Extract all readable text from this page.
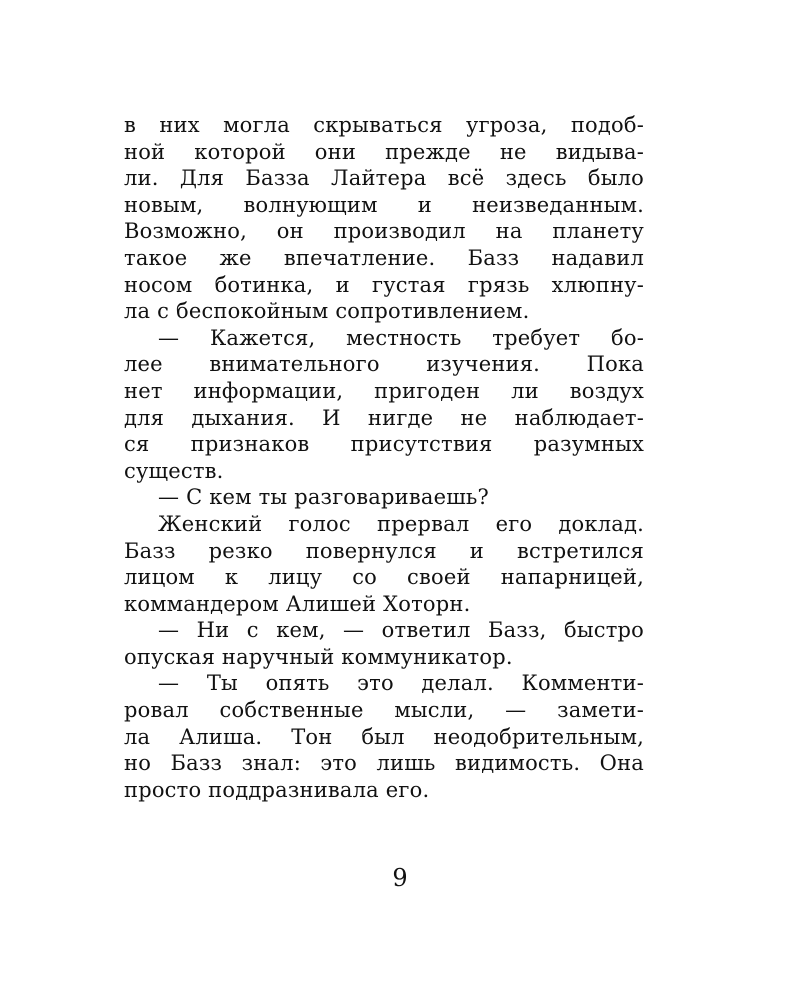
в них могла скрываться угроза, подоб-
ной которой они прежде не видыва-
ли. Для Базза Лайтера всё здесь было
новым, волнующим и неизведанным.
Возможно, он производил на планету
такое же впечатление. Базз надавил
носом ботинка, и густая грязь хлюпну-
ла с беспокойным сопротивлением.
— Кажется, местность требует бо-
лее внимательного изучения. Пока
нет информации, пригоден ли воздух
для дыхания. И нигде не наблюдает-
ся признаков присутствия разумных
существ.
— С кем ты разговариваешь?
Женский голос прервал его доклад.
Базз резко повернулся и встретился
лицом к лицу со своей напарницей,
коммандером Алишей Хоторн.
— Ни с кем, — ответил Базз, быстро
опуская наручный коммуникатор.
— Ты опять это делал. Комменти-
ровал собственные мысли, — замети-
ла Алиша. Тон был неодобрительным,
но Базз знал: это лишь видимость. Она
просто поддразнивала его.
9
